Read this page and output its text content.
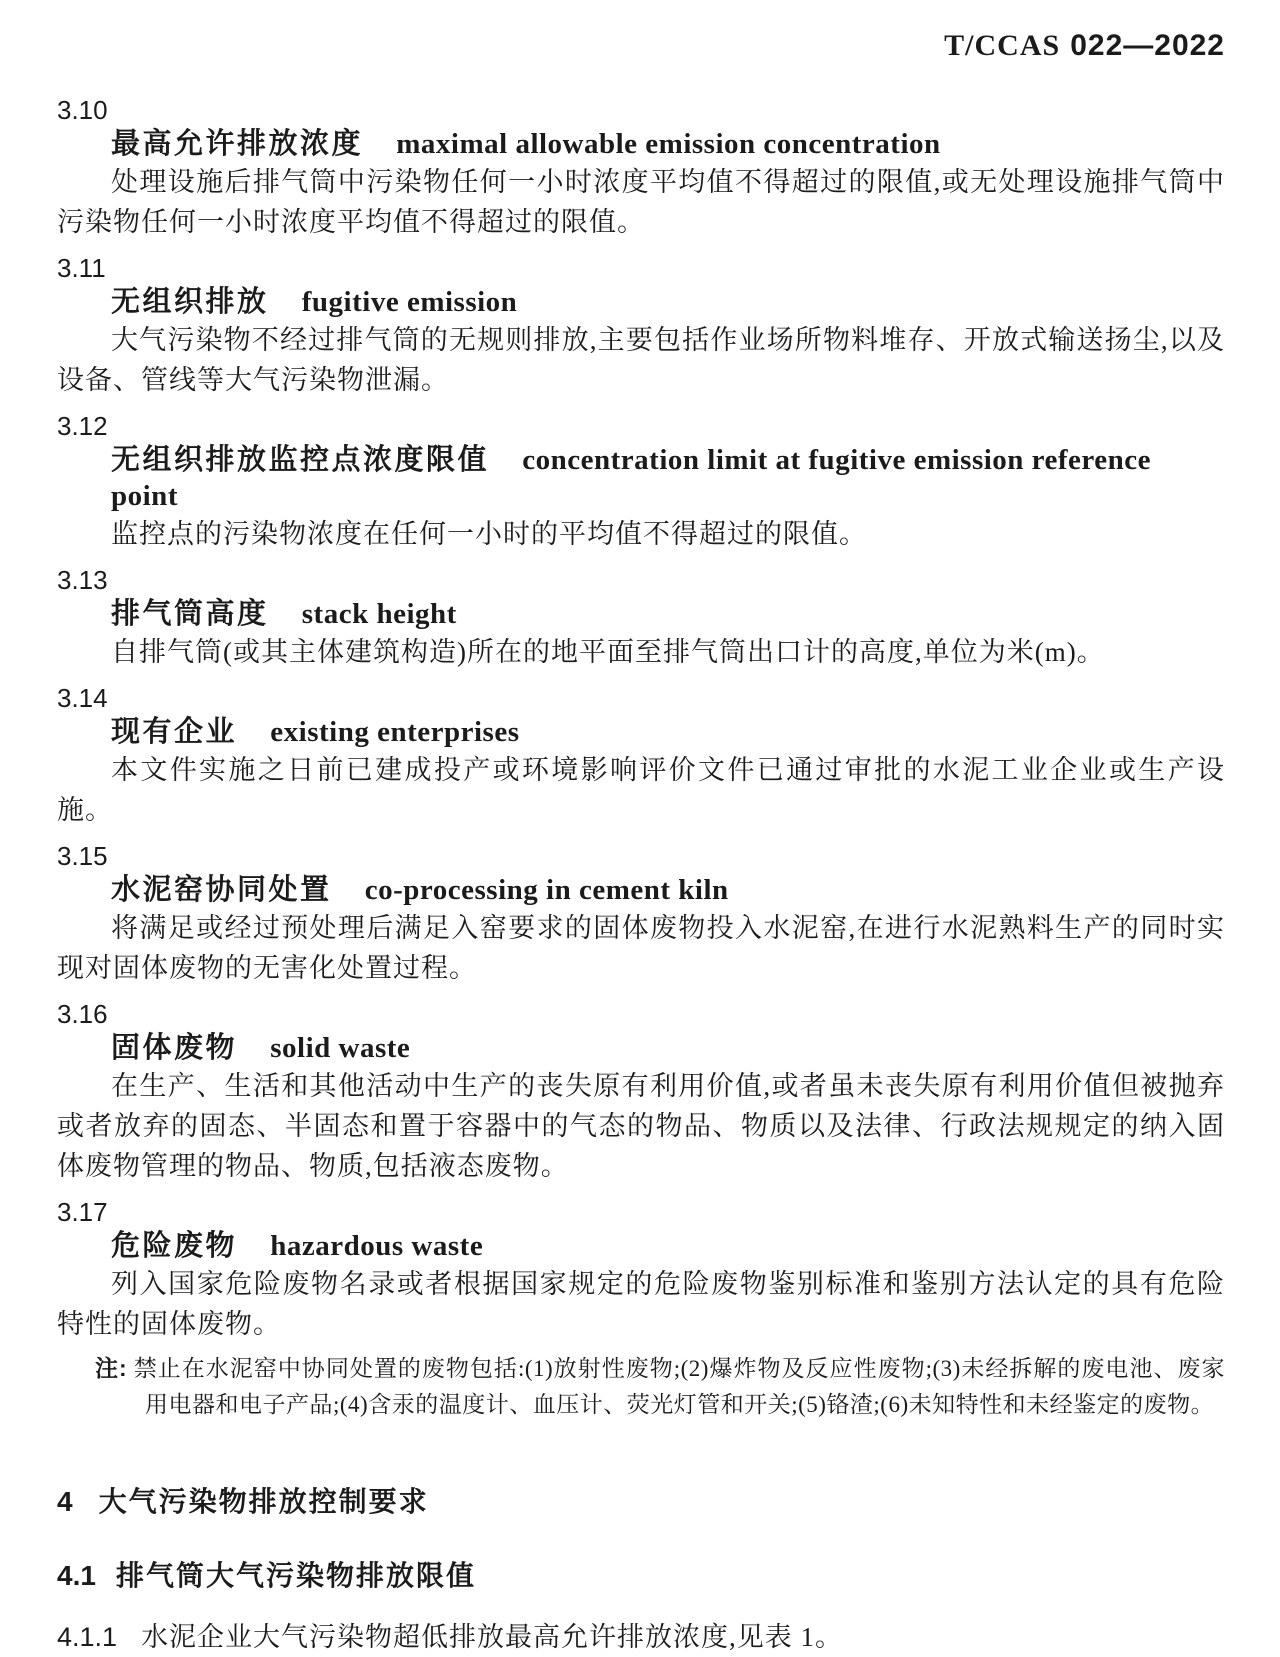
T/CCAS 022—2022
3.10
最高允许排放浓度 maximal allowable emission concentration

处理设施后排气筒中污染物任何一小时浓度平均值不得超过的限值,或无处理设施排气筒中污染物任何一小时浓度平均值不得超过的限值。

3.11
无组织排放 fugitive emission

大气污染物不经过排气筒的无规则排放,主要包括作业场所物料堆存、开放式输送扬尘,以及设备、管线等大气污染物泄漏。

3.12
无组织排放监控点浓度限值 concentration limit at fugitive emission reference point

监控点的污染物浓度在任何一小时的平均值不得超过的限值。

3.13
排气筒高度 stack height

自排气筒(或其主体建筑构造)所在的地平面至排气筒出口计的高度,单位为米(m)。

3.14
现有企业 existing enterprises

本文件实施之日前已建成投产或环境影响评价文件已通过审批的水泥工业企业或生产设施。

3.15
水泥窑协同处置 co-processing in cement kiln

将满足或经过预处理后满足入窑要求的固体废物投入水泥窑,在进行水泥熟料生产的同时实现对固体废物的无害化处置过程。

3.16
固体废物 solid waste

在生产、生活和其他活动中生产的丧失原有利用价值,或者虽未丧失原有利用价值但被抛弃或者放弃的固态、半固态和置于容器中的气态的物品、物质以及法律、行政法规规定的纳入固体废物管理的物品、物质,包括液态废物。

3.17
危险废物 hazardous waste

列入国家危险废物名录或者根据国家规定的危险废物鉴别标准和鉴别方法认定的具有危险特性的固体废物。

注: 禁止在水泥窑中协同处置的废物包括:(1)放射性废物;(2)爆炸物及反应性废物;(3)未经拆解的废电池、废家用电器和电子产品;(4)含汞的温度计、血压计、荧光灯管和开关;(5)铬渣;(6)未知特性和未经鉴定的废物。
4 大气污染物排放控制要求
4.1 排气筒大气污染物排放限值
4.1.1 水泥企业大气污染物超低排放最高允许排放浓度,见表 1。
